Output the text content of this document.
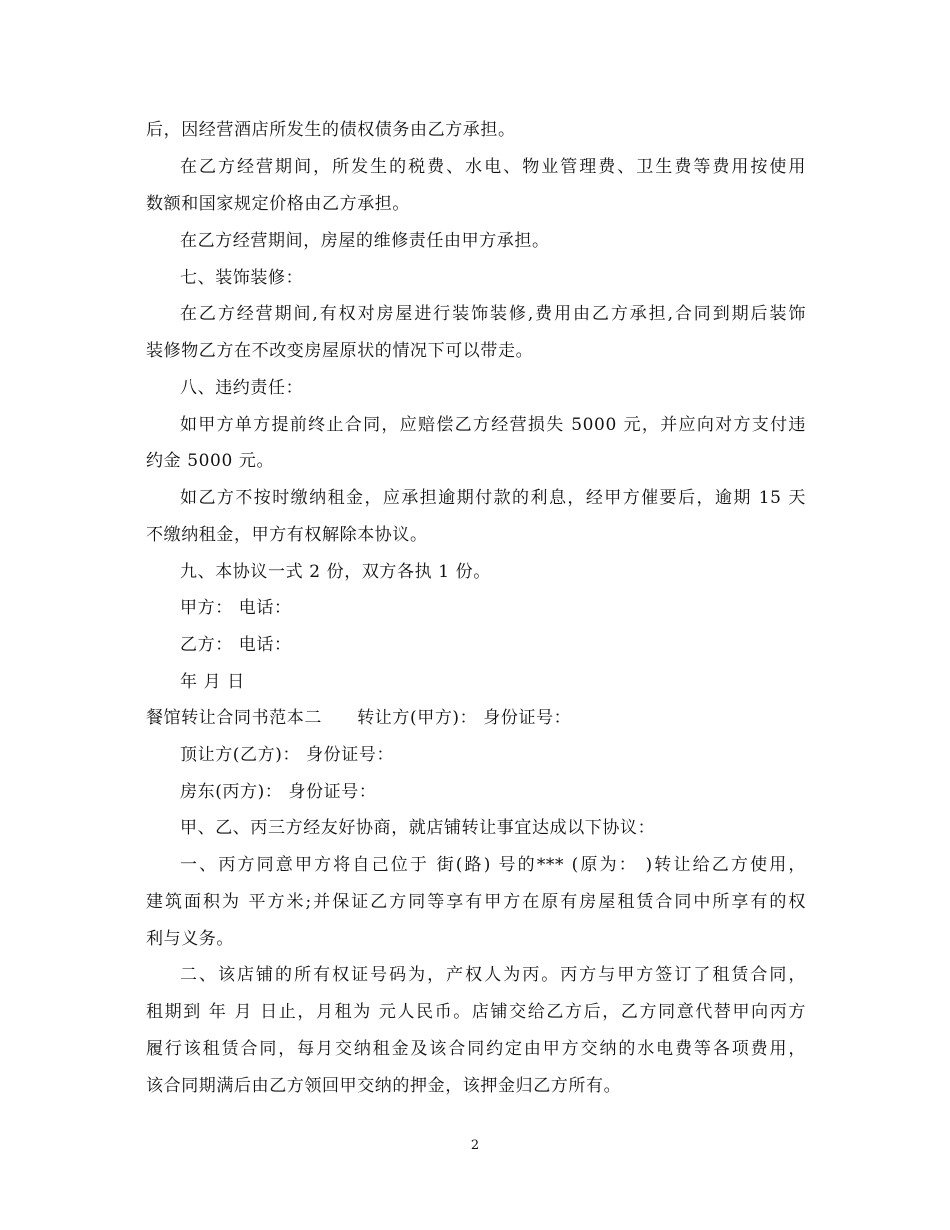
后，因经营酒店所发生的债权债务由乙方承担。
在乙方经营期间，所发生的税费、水电、物业管理费、卫生费等费用按使用
数额和国家规定价格由乙方承担。
在乙方经营期间，房屋的维修责任由甲方承担。
七、装饰装修：
在乙方经营期间,有权对房屋进行装饰装修,费用由乙方承担,合同到期后装饰
装修物乙方在不改变房屋原状的情况下可以带走。
八、违约责任：
如甲方单方提前终止合同，应赔偿乙方经营损失 5000 元，并应向对方支付违
约金 5000 元。
如乙方不按时缴纳租金，应承担逾期付款的利息，经甲方催要后，逾期 15 天
不缴纳租金，甲方有权解除本协议。
九、本协议一式 2 份，双方各执 1 份。
甲方： 电话：
乙方： 电话：
年 月 日
餐馆转让合同书范本二　　转让方(甲方)： 身份证号：
顶让方(乙方)： 身份证号：
房东(丙方)： 身份证号：
甲、乙、丙三方经友好协商，就店铺转让事宜达成以下协议：
一、丙方同意甲方将自己位于 街(路) 号的*** (原为： )转让给乙方使用，
建筑面积为 平方米;并保证乙方同等享有甲方在原有房屋租赁合同中所享有的权
利与义务。
二、该店铺的所有权证号码为，产权人为丙。丙方与甲方签订了租赁合同，
租期到 年 月 日止，月租为 元人民币。店铺交给乙方后，乙方同意代替甲向丙方
履行该租赁合同，每月交纳租金及该合同约定由甲方交纳的水电费等各项费用，
该合同期满后由乙方领回甲交纳的押金，该押金归乙方所有。
2
